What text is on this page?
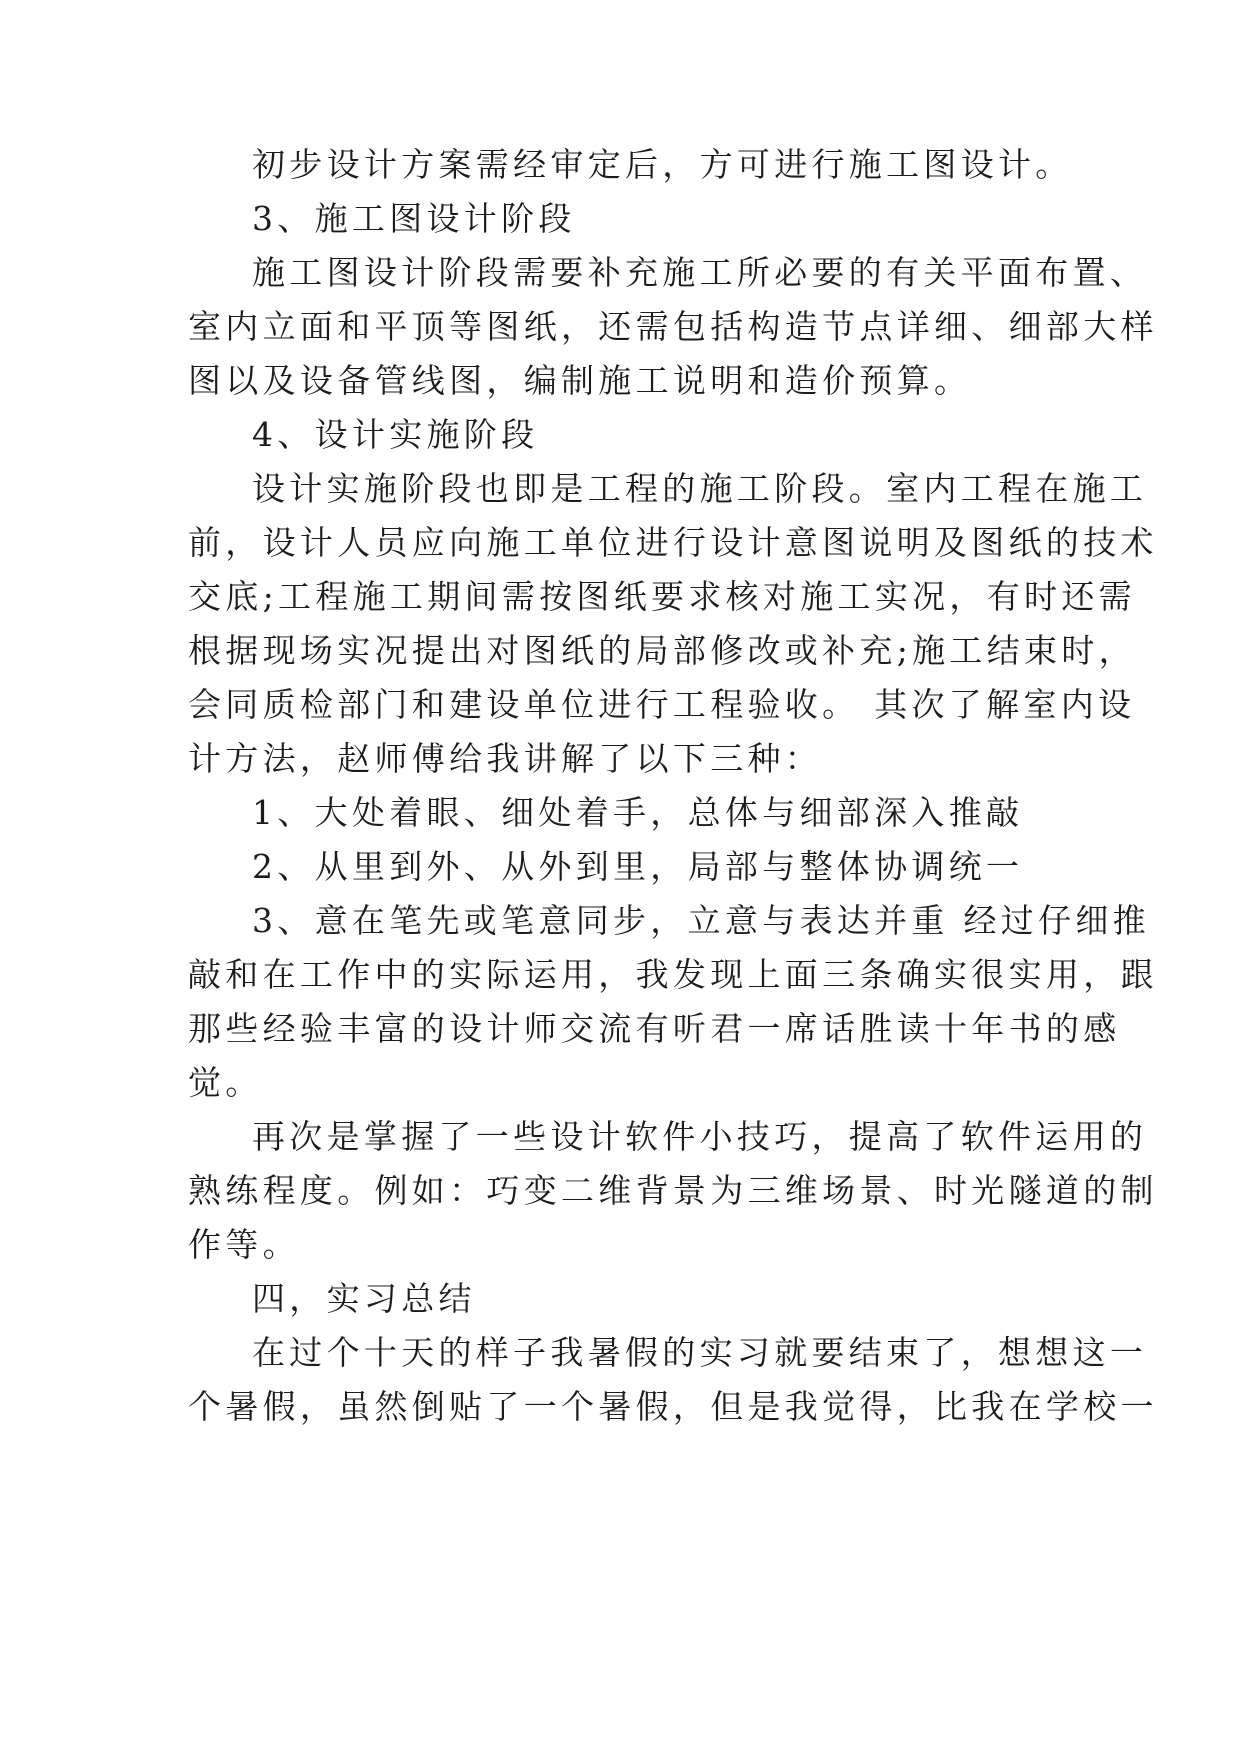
初步设计方案需经审定后，方可进行施工图设计。

3、施工图设计阶段

施工图设计阶段需要补充施工所必要的有关平面布置、

室内立面和平顶等图纸，还需包括构造节点详细、细部大样

图以及设备管线图，编制施工说明和造价预算。

4、设计实施阶段

设计实施阶段也即是工程的施工阶段。室内工程在施工

前，设计人员应向施工单位进行设计意图说明及图纸的技术

交底;工程施工期间需按图纸要求核对施工实况，有时还需

根据现场实况提出对图纸的局部修改或补充;施工结束时，

会同质检部门和建设单位进行工程验收。 其次了解室内设

计方法，赵师傅给我讲解了以下三种：

1、大处着眼、细处着手，总体与细部深入推敲

2、从里到外、从外到里，局部与整体协调统一

3、意在笔先或笔意同步，立意与表达并重 经过仔细推

敲和在工作中的实际运用，我发现上面三条确实很实用，跟

那些经验丰富的设计师交流有听君一席话胜读十年书的感

觉。

再次是掌握了一些设计软件小技巧，提高了软件运用的

熟练程度。例如：巧变二维背景为三维场景、时光隧道的制

作等。

四，实习总结

在过个十天的样子我暑假的实习就要结束了，想想这一

个暑假，虽然倒贴了一个暑假，但是我觉得，比我在学校一
